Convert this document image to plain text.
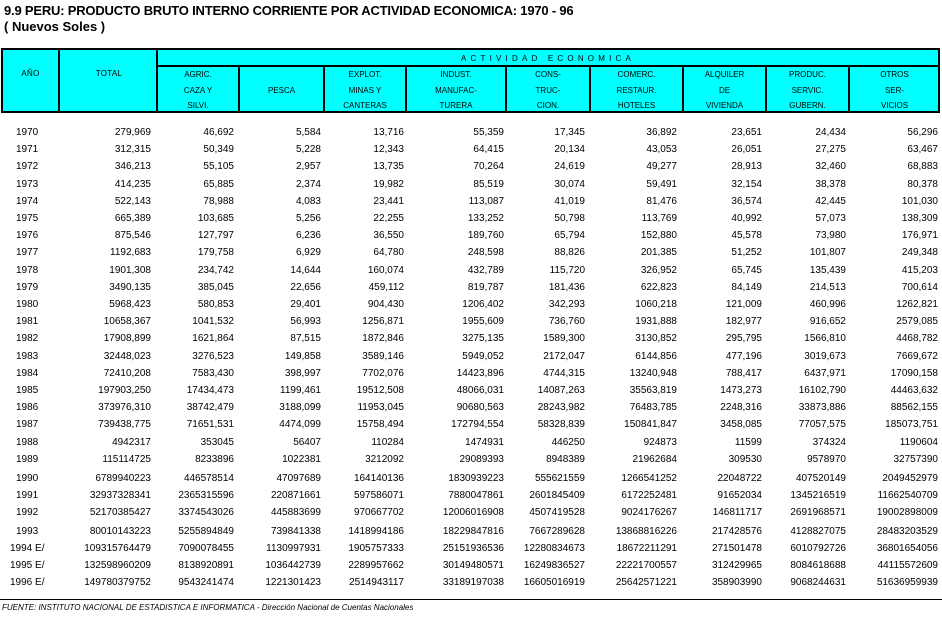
9.9 PERU: PRODUCTO BRUTO INTERNO CORRIENTE POR ACTIVIDAD ECONOMICA: 1970 - 96
( Nuevos Soles )
AÑO	TOTAL
ACTIVIDAD ECONOMICA
AGRIC.
CAZA Y
SILVI.
PESCA
EXPLOT.
MINAS Y
CANTERAS
INDUST.
MANUFAC-
TURERA
CONS-
TRUC-
CION.
COMERC.
RESTAUR.
HOTELES
ALQUILER
DE
VIVIENDA
PRODUC.
SERVIC.
GUBERN.
OTROS
SER-
VICIOS
1970	279,969	46,692	5,584	13,716	55,359	17,345	36,892	23,651	24,434	56,296
1971	312,315	50,349	5,228	12,343	64,415	20,134	43,053	26,051	27,275	63,467
1972	346,213	55,105	2,957	13,735	70,264	24,619	49,277	28,913	32,460	68,883
1973	414,235	65,885	2,374	19,982	85,519	30,074	59,491	32,154	38,378	80,378
1974	522,143	78,988	4,083	23,441	113,087	41,019	81,476	36,574	42,445	101,030
1975	665,389	103,685	5,256	22,255	133,252	50,798	113,769	40,992	57,073	138,309
1976	875,546	127,797	6,236	36,550	189,760	65,794	152,880	45,578	73,980	176,971
1977	1192,683	179,758	6,929	64,780	248,598	88,826	201,385	51,252	101,807	249,348
1978	1901,308	234,742	14,644	160,074	432,789	115,720	326,952	65,745	135,439	415,203
1979	3490,135	385,045	22,656	459,112	819,787	181,436	622,823	84,149	214,513	700,614
1980	5968,423	580,853	29,401	904,430	1206,402	342,293	1060,218	121,009	460,996	1262,821
1981	10658,367	1041,532	56,993	1256,871	1955,609	736,760	1931,888	182,977	916,652	2579,085
1982	17908,899	1621,864	87,515	1872,846	3275,135	1589,300	3130,852	295,795	1566,810	4468,782
1983	32448,023	3276,523	149,858	3589,146	5949,052	2172,047	6144,856	477,196	3019,673	7669,672
1984	72410,208	7583,430	398,997	7702,076	14423,896	4744,315	13240,948	788,417	6437,971	17090,158
1985	197903,250	17434,473	1199,461	19512,508	48066,031	14087,263	35563,819	1473,273	16102,790	44463,632
1986	373976,310	38742,479	3188,099	11953,045	90680,563	28243,982	76483,785	2248,316	33873,886	88562,155
1987	739438,775	71651,531	4474,099	15758,494	172794,554	58328,839	150841,847	3458,085	77057,575	185073,751
1988	4942317	353045	56407	110284	1474931	446250	924873	11599	374324	1190604
1989	115114725	8233896	1022381	3212092	29089393	8948389	21962684	309530	9578970	32757390
1990	6789940223	446578514	47097689	164140136	1830939223	555621559	1266541252	22048722	407520149	2049452979
1991	32937328341	2365315596	220871661	597586071	7880047861	2601845409	6172252481	91652034	1345216519	11662540709
1992	52170385427	3374543026	445883699	970667702	12006016908	4507419528	9024176267	146811717	2691968571	19002898009
1993	80010143223	5255894849	739841338	1418994186	18229847816	7667289628	13868816226	217428576	4128827075	28483203529
1994 E/	109315764479	7090078455	1130997931	1905757333	25151936536 12280834673	18672211291	271501478	6010792726	36801654056
1995 E/	132598960209	8138920891	1036442739	2289957662	30149480571 16249836527	22221700557	312429965	8084618688	44115572609
1996 E/	149780379752	9543241474	1221301423	2514943117	33189197038 16605016919	25642571221	358903990	9068244631	51636959939
FUENTE: INSTITUTO NACIONAL DE ESTADISTICA E INFORMATICA - Dirección Nacional de Cuentas Nacionales
